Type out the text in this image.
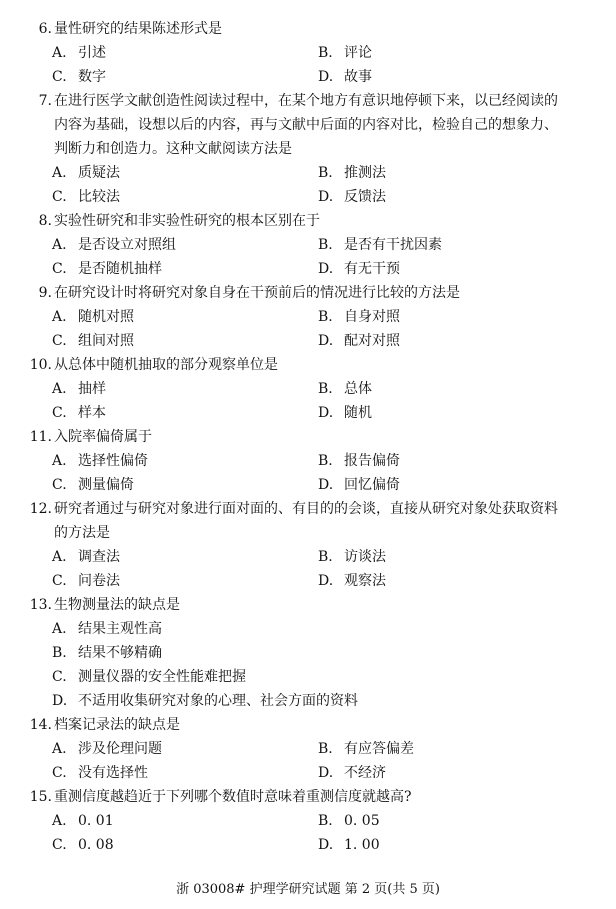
6. 量性研究的结果陈述形式是
A. 引述	B. 评论
C. 数字	D. 故事
7. 在进行医学文献创造性阅读过程中，在某个地方有意识地停顿下来，以已经阅读的
内容为基础，设想以后的内容，再与文献中后面的内容对比，检验自己的想象力、
判断力和创造力。这种文献阅读方法是
A. 质疑法	B. 推测法
C. 比较法	D. 反馈法
8. 实验性研究和非实验性研究的根本区别在于
A. 是否设立对照组	B. 是否有干扰因素
C. 是否随机抽样	D. 有无干预
9. 在研究设计时将研究对象自身在干预前后的情况进行比较的方法是
A. 随机对照	B. 自身对照
C. 组间对照	D. 配对对照
10. 从总体中随机抽取的部分观察单位是
A. 抽样	B. 总体
C. 样本	D. 随机
11. 入院率偏倚属于
A. 选择性偏倚	B. 报告偏倚
C. 测量偏倚	D. 回忆偏倚
12. 研究者通过与研究对象进行面对面的、有目的的会谈，直接从研究对象处获取资料
的方法是
A. 调查法	B. 访谈法
C. 问卷法	D. 观察法
13. 生物测量法的缺点是
A. 结果主观性高
B. 结果不够精确
C. 测量仪器的安全性能难把握
D. 不适用收集研究对象的心理、社会方面的资料
14. 档案记录法的缺点是
A. 涉及伦理问题	B. 有应答偏差
C. 没有选择性	D. 不经济
15. 重测信度越趋近于下列哪个数值时意味着重测信度就越高?
A. 0. 01	B. 0. 05
C. 0. 08	D. 1. 00
浙 03008# 护理学研究试题 第 2 页(共 5 页)
